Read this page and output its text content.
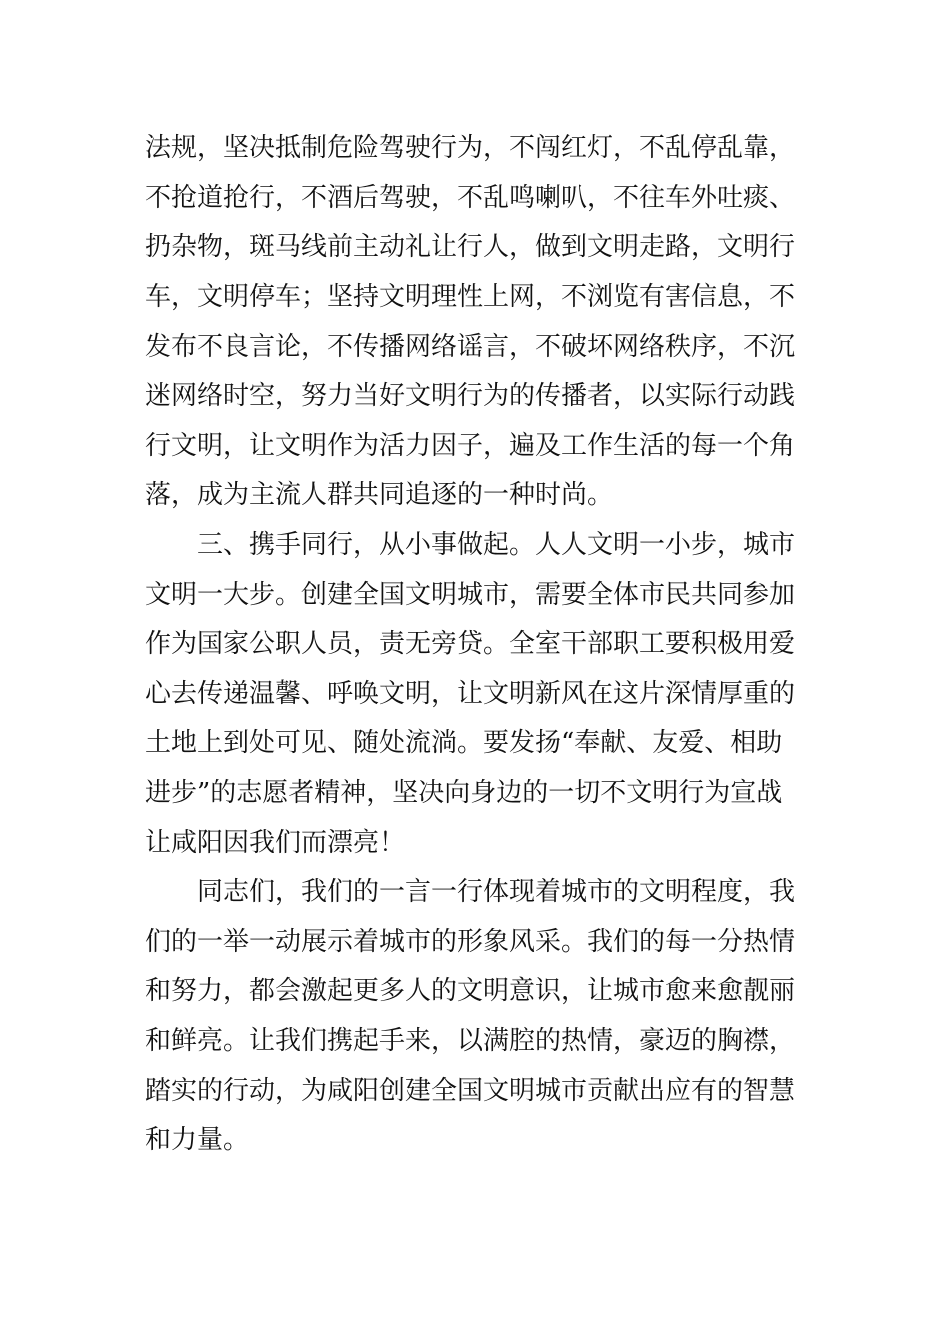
法规，坚决抵制危险驾驶行为，不闯红灯，不乱停乱靠，
不抢道抢行，不酒后驾驶，不乱鸣喇叭，不往车外吐痰、
扔杂物，斑马线前主动礼让行人，做到文明走路，文明行
车，文明停车；坚持文明理性上网，不浏览有害信息，不
发布不良言论，不传播网络谣言，不破坏网络秩序，不沉
迷网络时空，努力当好文明行为的传播者，以实际行动践
行文明，让文明作为活力因子，遍及工作生活的每一个角
落，成为主流人群共同追逐的一种时尚。
　　三、携手同行，从小事做起。人人文明一小步，城市
文明一大步。创建全国文明城市，需要全体市民共同参加
作为国家公职人员，责无旁贷。全室干部职工要积极用爱
心去传递温馨、呼唤文明，让文明新风在这片深情厚重的
土地上到处可见、随处流淌。要发扬“奉献、友爱、相助
进步”的志愿者精神，坚决向身边的一切不文明行为宣战
让咸阳因我们而漂亮！
　　同志们，我们的一言一行体现着城市的文明程度，我
们的一举一动展示着城市的形象风采。我们的每一分热情
和努力，都会激起更多人的文明意识，让城市愈来愈靓丽
和鲜亮。让我们携起手来，以满腔的热情，豪迈的胸襟，
踏实的行动，为咸阳创建全国文明城市贡献出应有的智慧
和力量。
